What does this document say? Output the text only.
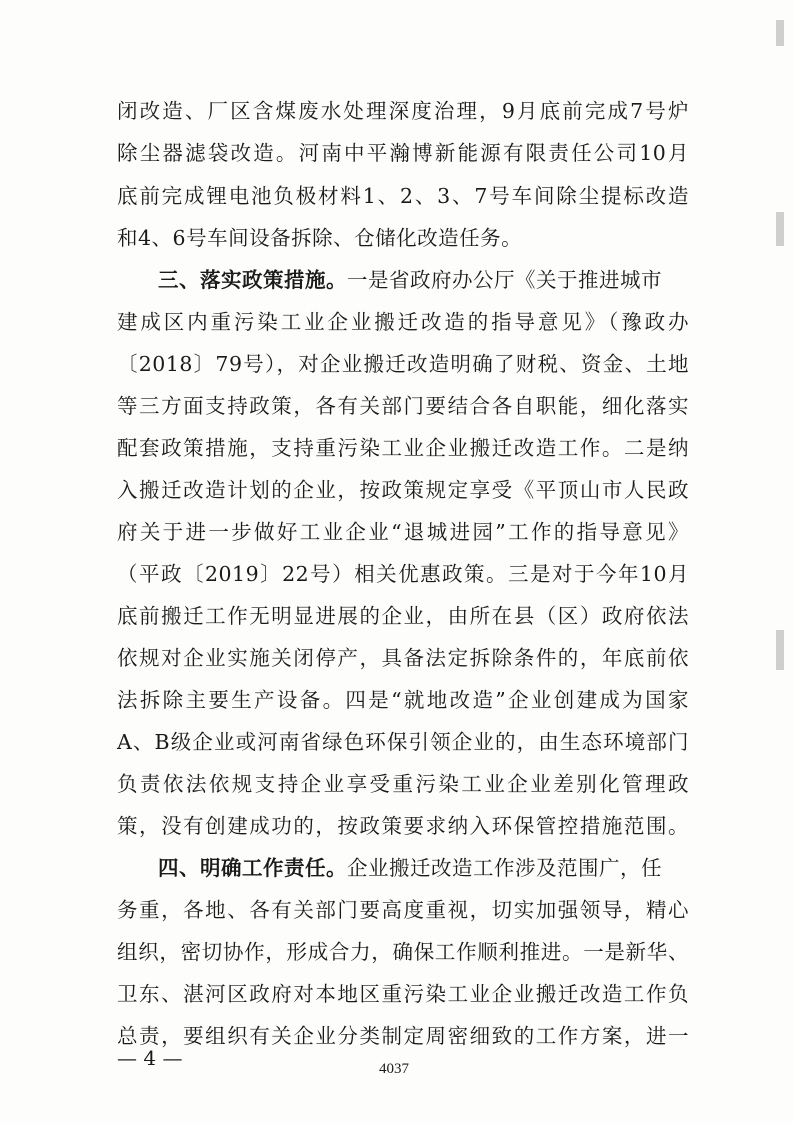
闭改造、厂区含煤废水处理深度治理，9月底前完成7号炉
除尘器滤袋改造。河南中平瀚博新能源有限责任公司10月
底前完成锂电池负极材料1、2、3、7号车间除尘提标改造
和4、6号车间设备拆除、仓储化改造任务。
三、落实政策措施。一是省政府办公厅《关于推进城市
建成区内重污染工业企业搬迁改造的指导意见》（豫政办
〔2018〕79号），对企业搬迁改造明确了财税、资金、土地
等三方面支持政策，各有关部门要结合各自职能，细化落实
配套政策措施，支持重污染工业企业搬迁改造工作。二是纳
入搬迁改造计划的企业，按政策规定享受《平顶山市人民政
府关于进一步做好工业企业“退城进园”工作的指导意见》
（平政〔2019〕22号）相关优惠政策。三是对于今年10月
底前搬迁工作无明显进展的企业，由所在县（区）政府依法
依规对企业实施关闭停产，具备法定拆除条件的，年底前依
法拆除主要生产设备。四是“就地改造”企业创建成为国家
A、B级企业或河南省绿色环保引领企业的，由生态环境部门
负责依法依规支持企业享受重污染工业企业差别化管理政
策，没有创建成功的，按政策要求纳入环保管控措施范围。
四、明确工作责任。企业搬迁改造工作涉及范围广，任
务重，各地、各有关部门要高度重视，切实加强领导，精心
组织，密切协作，形成合力，确保工作顺利推进。一是新华、
卫东、湛河区政府对本地区重污染工业企业搬迁改造工作负
总责，要组织有关企业分类制定周密细致的工作方案，进一
— 4 —	4037
